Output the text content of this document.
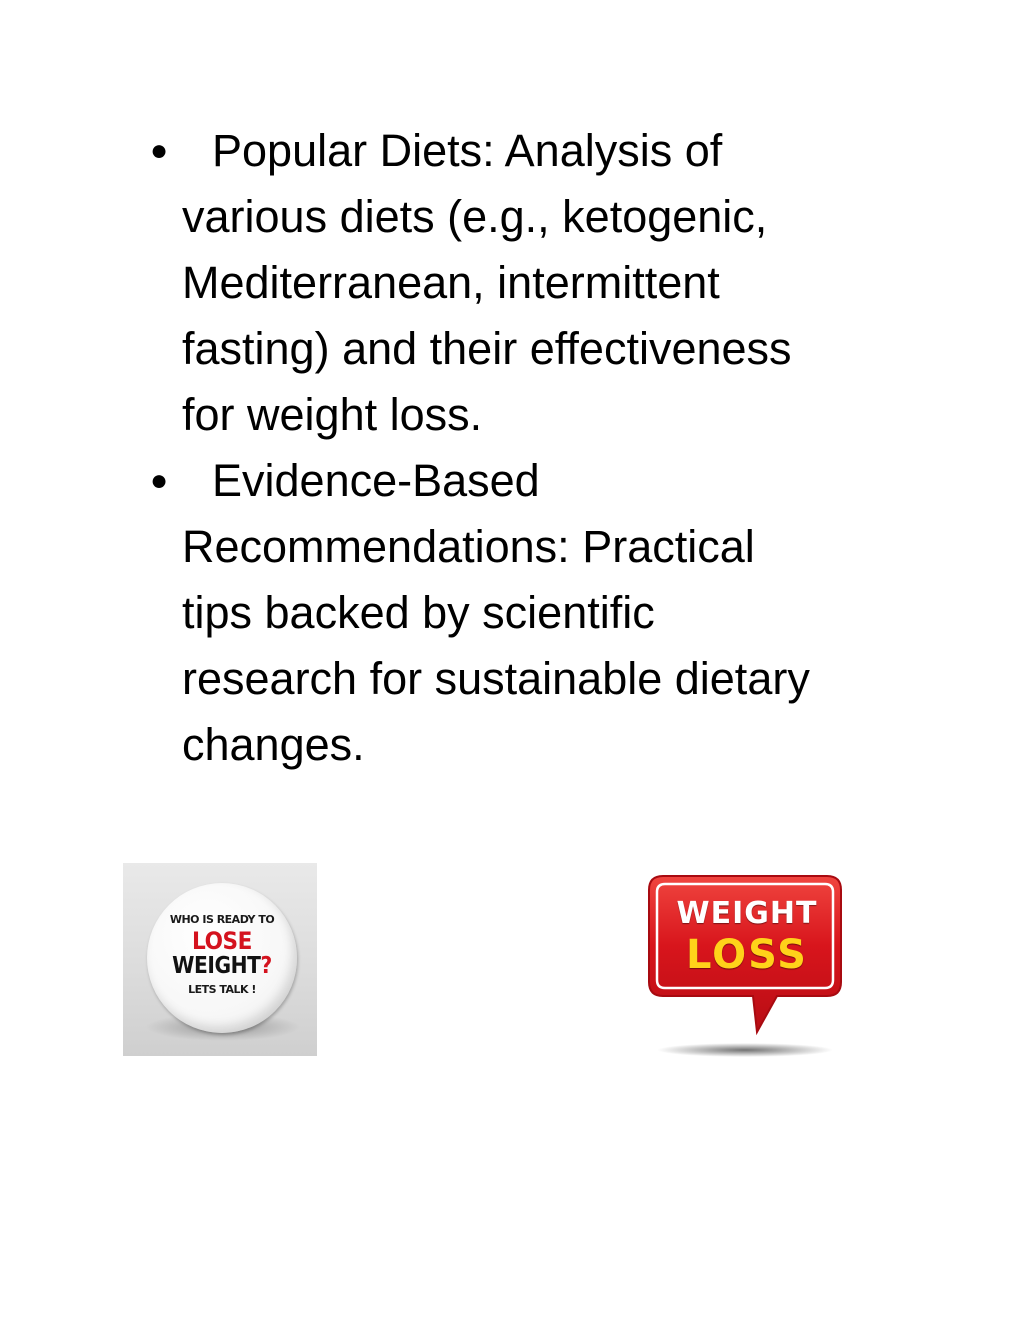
● Popular Diets: Analysis of
various diets (e.g., ketogenic,
Mediterranean, intermittent
fasting) and their effectiveness
for weight loss.
● Evidence-Based
Recommendations: Practical
tips backed by scientific
research for sustainable dietary
changes.
WHO IS READY TO
LOSE
WEIGHT?
LETS TALK !
WEIGHT
LOSS
